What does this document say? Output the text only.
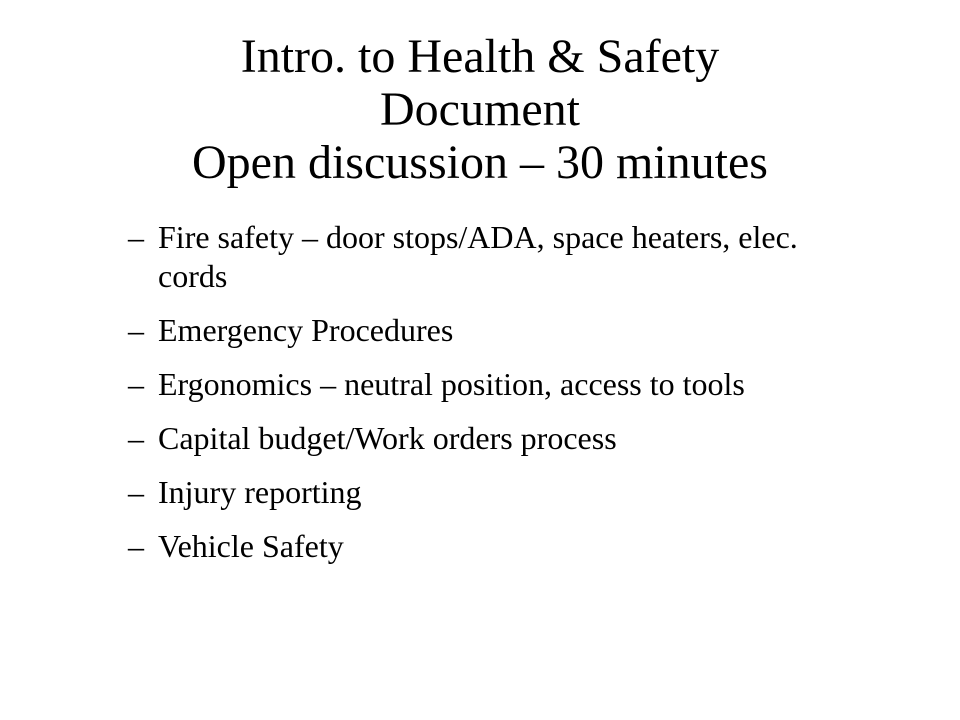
Intro. to Health & Safety
Document
Open discussion – 30 minutes
– Fire safety – door stops/ADA, space heaters, elec. cords
– Emergency Procedures
– Ergonomics – neutral position, access to tools
– Capital budget/Work orders process
– Injury reporting
– Vehicle Safety
